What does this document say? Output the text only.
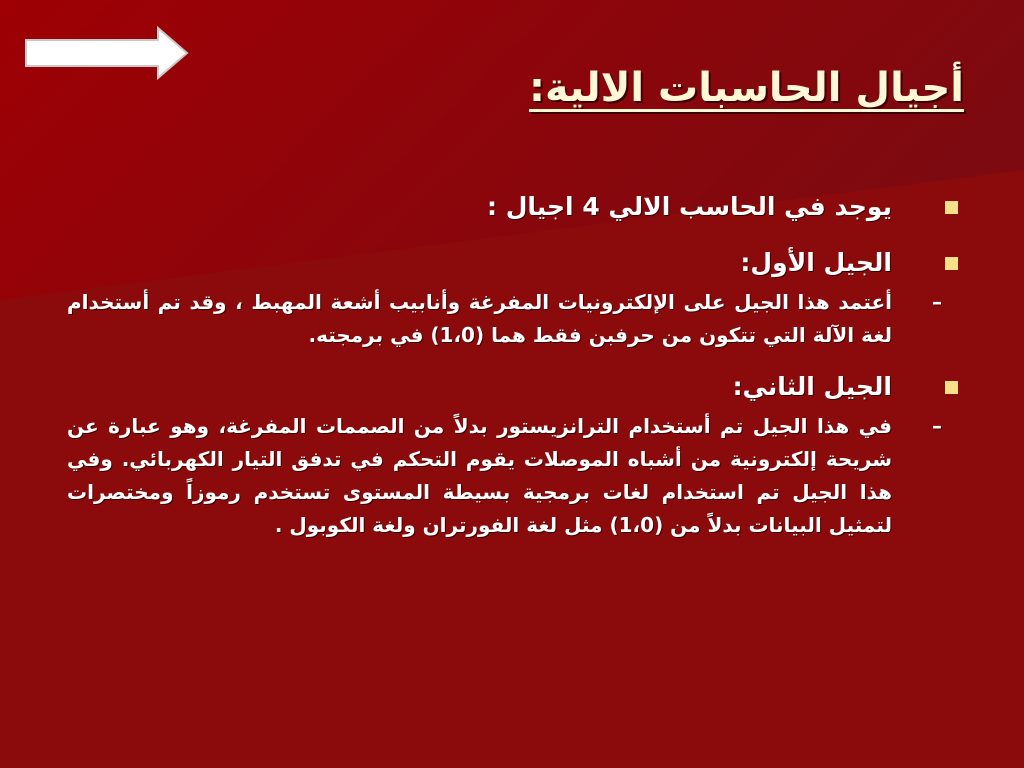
أجيال الحاسبات الالية:
يوجد في الحاسب الالي 4 اجيال :
الجيل الأول:
–
أعتمد هذا الجيل على الإلكترونيات المفرغة وأنابيب أشعة المهبط ، وقد تم أستخدام لغة الآلة التي تتكون من حرفبن فقط هما (1،0) في برمجته.
الجيل الثاني:
–
في هذا الجيل تم أستخدام الترانزيستور بدلاً من الصممات المفرغة، وهو عبارة عن شريحة إلكترونية من أشباه الموصلات يقوم التحكم في تدفق التيار الكهربائي. وفي هذا الجيل تم استخدام لغات برمجية بسيطة المستوى تستخدم رموزاً ومختصرات لتمثيل البيانات بدلاً من (1،0) مثل لغة الفورتران ولغة الكوبول .
